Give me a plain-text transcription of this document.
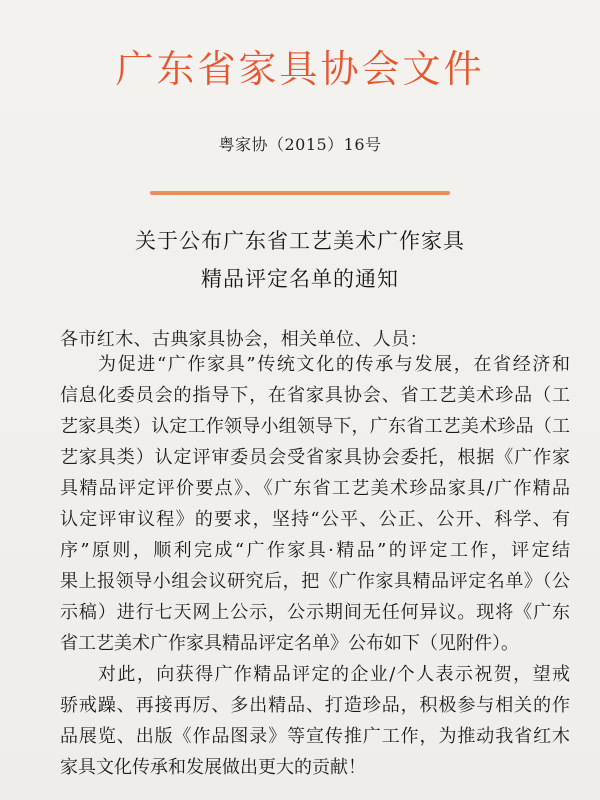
广东省家具协会文件
粤家协（2015）16号
关于公布广东省工艺美术广作家具
精品评定名单的通知
各市红木、古典家具协会，相关单位、人员：
为促进“广作家具”传统文化的传承与发展，在省经济和
信息化委员会的指导下，在省家具协会、省工艺美术珍品（工
艺家具类）认定工作领导小组领导下，广东省工艺美术珍品（工
艺家具类）认定评审委员会受省家具协会委托，根据《广作家
具精品评定评价要点》、《广东省工艺美术珍品家具/广作精品
认定评审议程》的要求，坚持“公平、公正、公开、科学、有
序”原则，顺利完成“广作家具·精品”的评定工作，评定结
果上报领导小组会议研究后，把《广作家具精品评定名单》（公
示稿）进行七天网上公示，公示期间无任何异议。现将《广东
省工艺美术广作家具精品评定名单》公布如下（见附件）。
对此，向获得广作精品评定的企业/个人表示祝贺，望戒
骄戒躁、再接再厉、多出精品、打造珍品，积极参与相关的作
品展览、出版《作品图录》等宣传推广工作，为推动我省红木
家具文化传承和发展做出更大的贡献！
